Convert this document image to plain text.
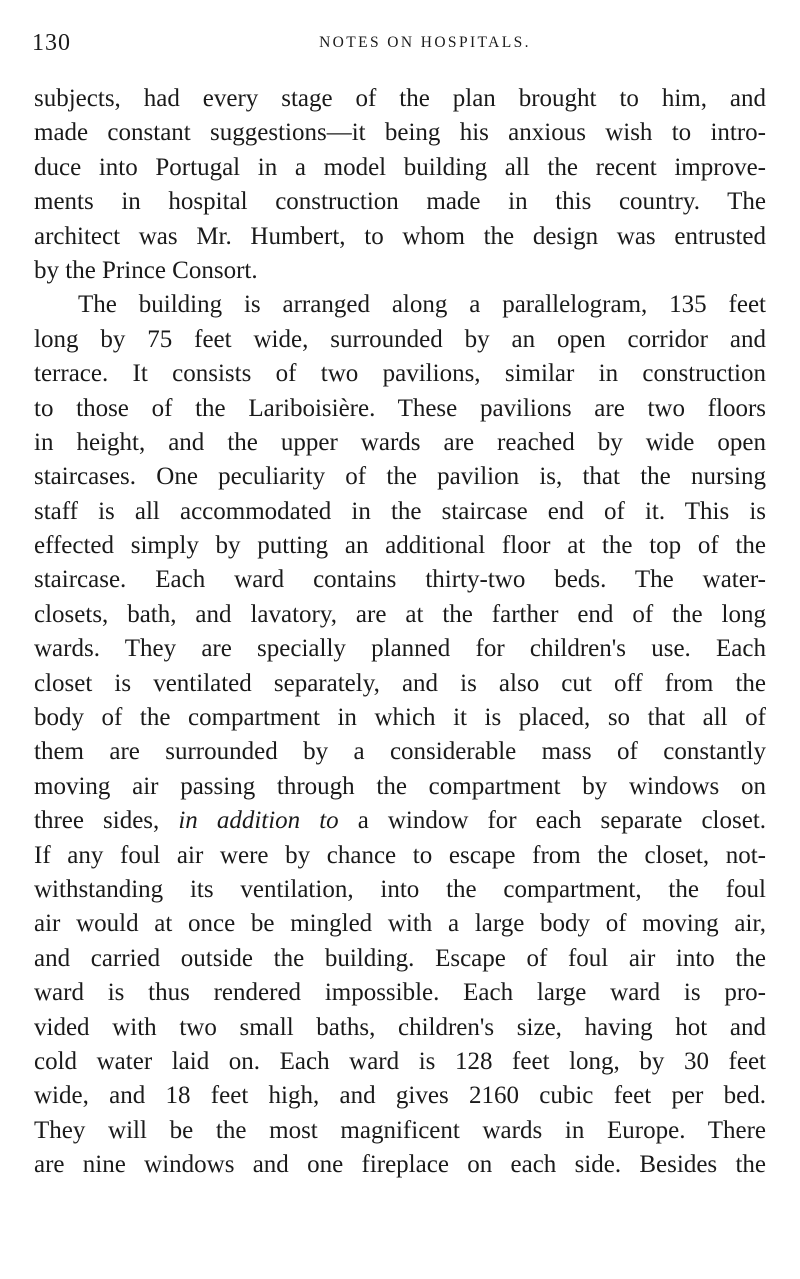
130	NOTES ON HOSPITALS.
subjects, had every stage of the plan brought to him, and
made constant suggestions—it being his anxious wish to intro-
duce into Portugal in a model building all the recent improve-
ments in hospital construction made in this country. The
architect was Mr. Humbert, to whom the design was entrusted
by the Prince Consort.
The building is arranged along a parallelogram, 135 feet
long by 75 feet wide, surrounded by an open corridor and
terrace. It consists of two pavilions, similar in construction
to those of the Lariboisière. These pavilions are two floors
in height, and the upper wards are reached by wide open
staircases. One peculiarity of the pavilion is, that the nursing
staff is all accommodated in the staircase end of it. This is
effected simply by putting an additional floor at the top of the
staircase. Each ward contains thirty-two beds. The water-
closets, bath, and lavatory, are at the farther end of the long
wards. They are specially planned for children's use. Each
closet is ventilated separately, and is also cut off from the
body of the compartment in which it is placed, so that all of
them are surrounded by a considerable mass of constantly
moving air passing through the compartment by windows on
three sides, in addition to a window for each separate closet.
If any foul air were by chance to escape from the closet, not-
withstanding its ventilation, into the compartment, the foul
air would at once be mingled with a large body of moving air,
and carried outside the building. Escape of foul air into the
ward is thus rendered impossible. Each large ward is pro-
vided with two small baths, children's size, having hot and
cold water laid on. Each ward is 128 feet long, by 30 feet
wide, and 18 feet high, and gives 2160 cubic feet per bed.
They will be the most magnificent wards in Europe. There
are nine windows and one fireplace on each side. Besides the
